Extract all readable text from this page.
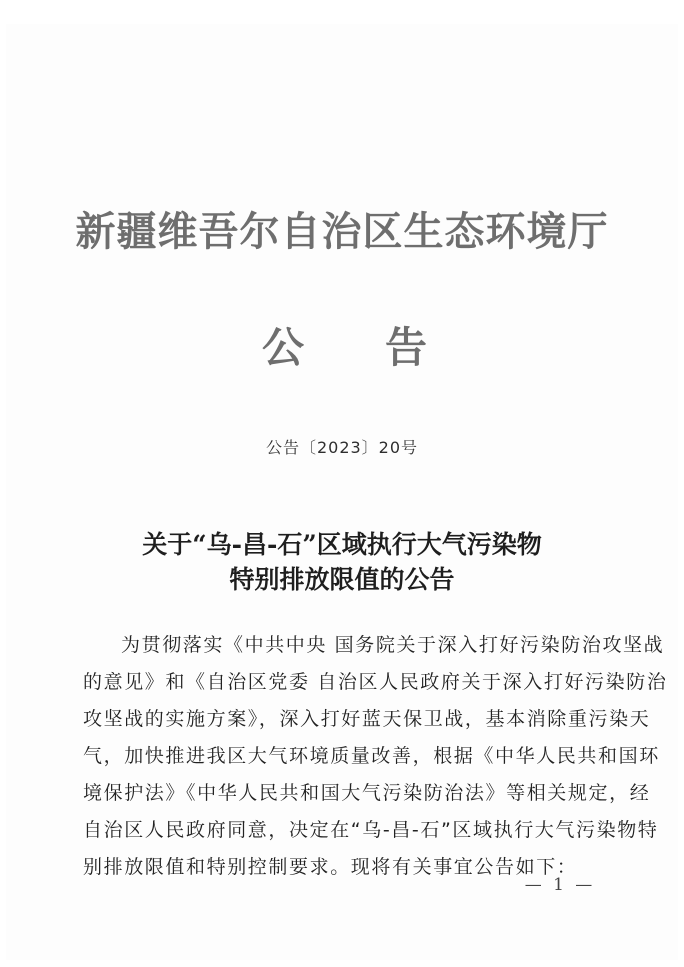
新疆维吾尔自治区生态环境厅
公 告
公告〔2023〕20号
关于“乌-昌-石”区域执行大气污染物
特别排放限值的公告
为贯彻落实《中共中央 国务院关于深入打好污染防治攻坚战
的意见》和《自治区党委 自治区人民政府关于深入打好污染防治
攻坚战的实施方案》，深入打好蓝天保卫战，基本消除重污染天
气，加快推进我区大气环境质量改善，根据《中华人民共和国环
境保护法》《中华人民共和国大气污染防治法》等相关规定，经
自治区人民政府同意，决定在“乌-昌-石”区域执行大气污染物特
别排放限值和特别控制要求。现将有关事宜公告如下：
— 1 —
